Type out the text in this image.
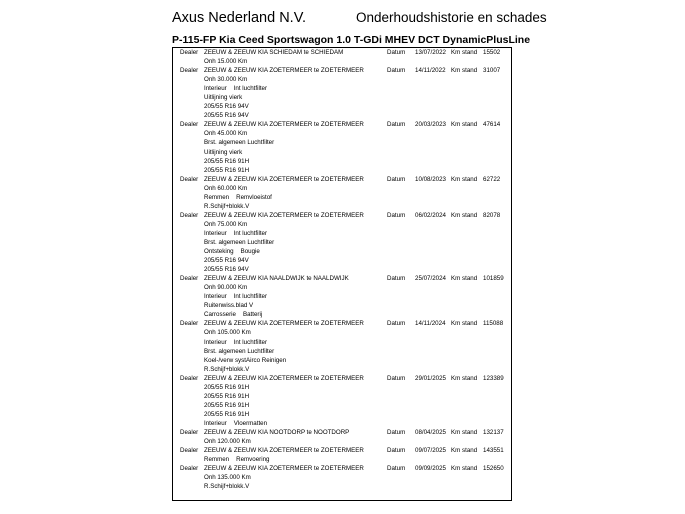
Axus Nederland N.V.	Onderhoudshistorie en schades
P-115-FP Kia Ceed Sportswagon 1.0 T-GDi MHEV DCT DynamicPlusLine
Dealer ZEEUW & ZEEUW KIA SCHIEDAM te SCHIEDAM	Datum 13/07/2022 Km stand 15502
Onh 15.000 Km
Dealer ZEEUW & ZEEUW KIA ZOETERMEER te ZOETERMEER	Datum 14/11/2022 Km stand 31007
Onh 30.000 Km
Interieur Int luchtfilter
Uitlijning vierk
205/55 R16 94V
205/55 R16 94V
Dealer ZEEUW & ZEEUW KIA ZOETERMEER te ZOETERMEER	Datum 20/03/2023 Km stand 47614
Onh 45.000 Km
Brst. algemeen Luchtfilter
Uitlijning vierk
205/55 R16 91H
205/55 R16 91H
Dealer ZEEUW & ZEEUW KIA ZOETERMEER te ZOETERMEER	Datum 10/08/2023 Km stand 62722
Onh 60.000 Km
Remmen Remvloeistof
R.Schijf+blokk.V
Dealer ZEEUW & ZEEUW KIA ZOETERMEER te ZOETERMEER	Datum 06/02/2024 Km stand 82078
Onh 75.000 Km
Interieur Int luchtfilter
Brst. algemeen Luchtfilter
Ontsteking Bougie
205/55 R16 94V
205/55 R16 94V
Dealer ZEEUW & ZEEUW KIA NAALDWIJK te NAALDWIJK	Datum 25/07/2024 Km stand 101859
Onh 90.000 Km
Interieur Int luchtfilter
Ruitenwiss.blad V
Carrosserie Batterij
Dealer ZEEUW & ZEEUW KIA ZOETERMEER te ZOETERMEER	Datum 14/11/2024 Km stand 115088
Onh 105.000 Km
Interieur Int luchtfilter
Brst. algemeen Luchtfilter
Koel-/verw systAirco Reinigen
R.Schijf+blokk.V
Dealer ZEEUW & ZEEUW KIA ZOETERMEER te ZOETERMEER	Datum 29/01/2025 Km stand 123389
205/55 R16 91H
205/55 R16 91H
205/55 R16 91H
205/55 R16 91H
Interieur Vloermatten
Dealer ZEEUW & ZEEUW KIA NOOTDORP te NOOTDORP	Datum 08/04/2025 Km stand 132137
Onh 120.000 Km
Dealer ZEEUW & ZEEUW KIA ZOETERMEER te ZOETERMEER	Datum 09/07/2025 Km stand 143551
Remmen Remvoering
Dealer ZEEUW & ZEEUW KIA ZOETERMEER te ZOETERMEER	Datum 09/09/2025 Km stand 152650
Onh 135.000 Km
R.Schijf+blokk.V
